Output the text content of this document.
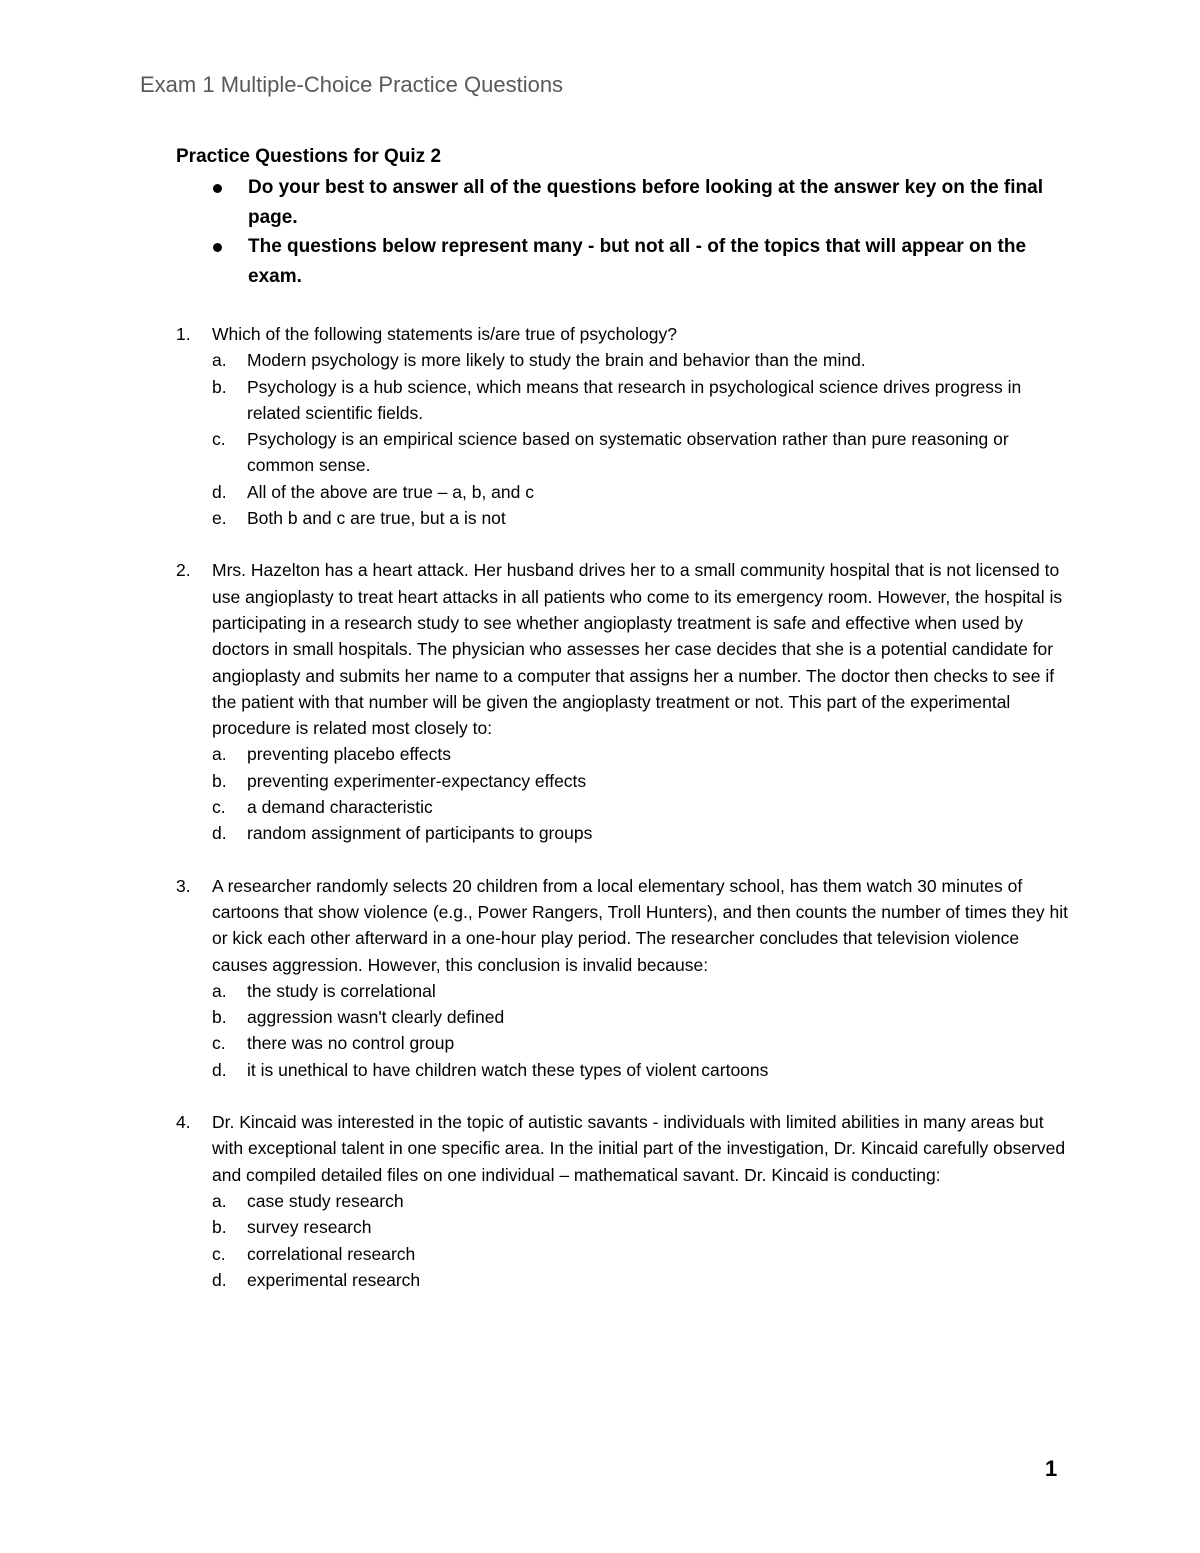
Exam 1 Multiple-Choice Practice Questions

Practice Questions for Quiz 2

Do your best to answer all of the questions before looking at the answer key on the final page.
The questions below represent many - but not all - of the topics that will appear on the exam.
1. Which of the following statements is/are true of psychology?
a. Modern psychology is more likely to study the brain and behavior than the mind.
b. Psychology is a hub science, which means that research in psychological science drives progress in related scientific fields.
c. Psychology is an empirical science based on systematic observation rather than pure reasoning or common sense.
d. All of the above are true – a, b, and c
e. Both b and c are true, but a is not
2. Mrs. Hazelton has a heart attack. Her husband drives her to a small community hospital that is not licensed to use angioplasty to treat heart attacks in all patients who come to its emergency room. However, the hospital is participating in a research study to see whether angioplasty treatment is safe and effective when used by doctors in small hospitals. The physician who assesses her case decides that she is a potential candidate for angioplasty and submits her name to a computer that assigns her a number. The doctor then checks to see if the patient with that number will be given the angioplasty treatment or not. This part of the experimental procedure is related most closely to:
a. preventing placebo effects
b. preventing experimenter-expectancy effects
c. a demand characteristic
d. random assignment of participants to groups
3. A researcher randomly selects 20 children from a local elementary school, has them watch 30 minutes of cartoons that show violence (e.g., Power Rangers, Troll Hunters), and then counts the number of times they hit or kick each other afterward in a one-hour play period. The researcher concludes that television violence causes aggression. However, this conclusion is invalid because:
a. the study is correlational
b. aggression wasn't clearly defined
c. there was no control group
d. it is unethical to have children watch these types of violent cartoons
4. Dr. Kincaid was interested in the topic of autistic savants - individuals with limited abilities in many areas but with exceptional talent in one specific area. In the initial part of the investigation, Dr. Kincaid carefully observed and compiled detailed files on one individual – mathematical savant. Dr. Kincaid is conducting:
a. case study research
b. survey research
c. correlational research
d. experimental research
1
